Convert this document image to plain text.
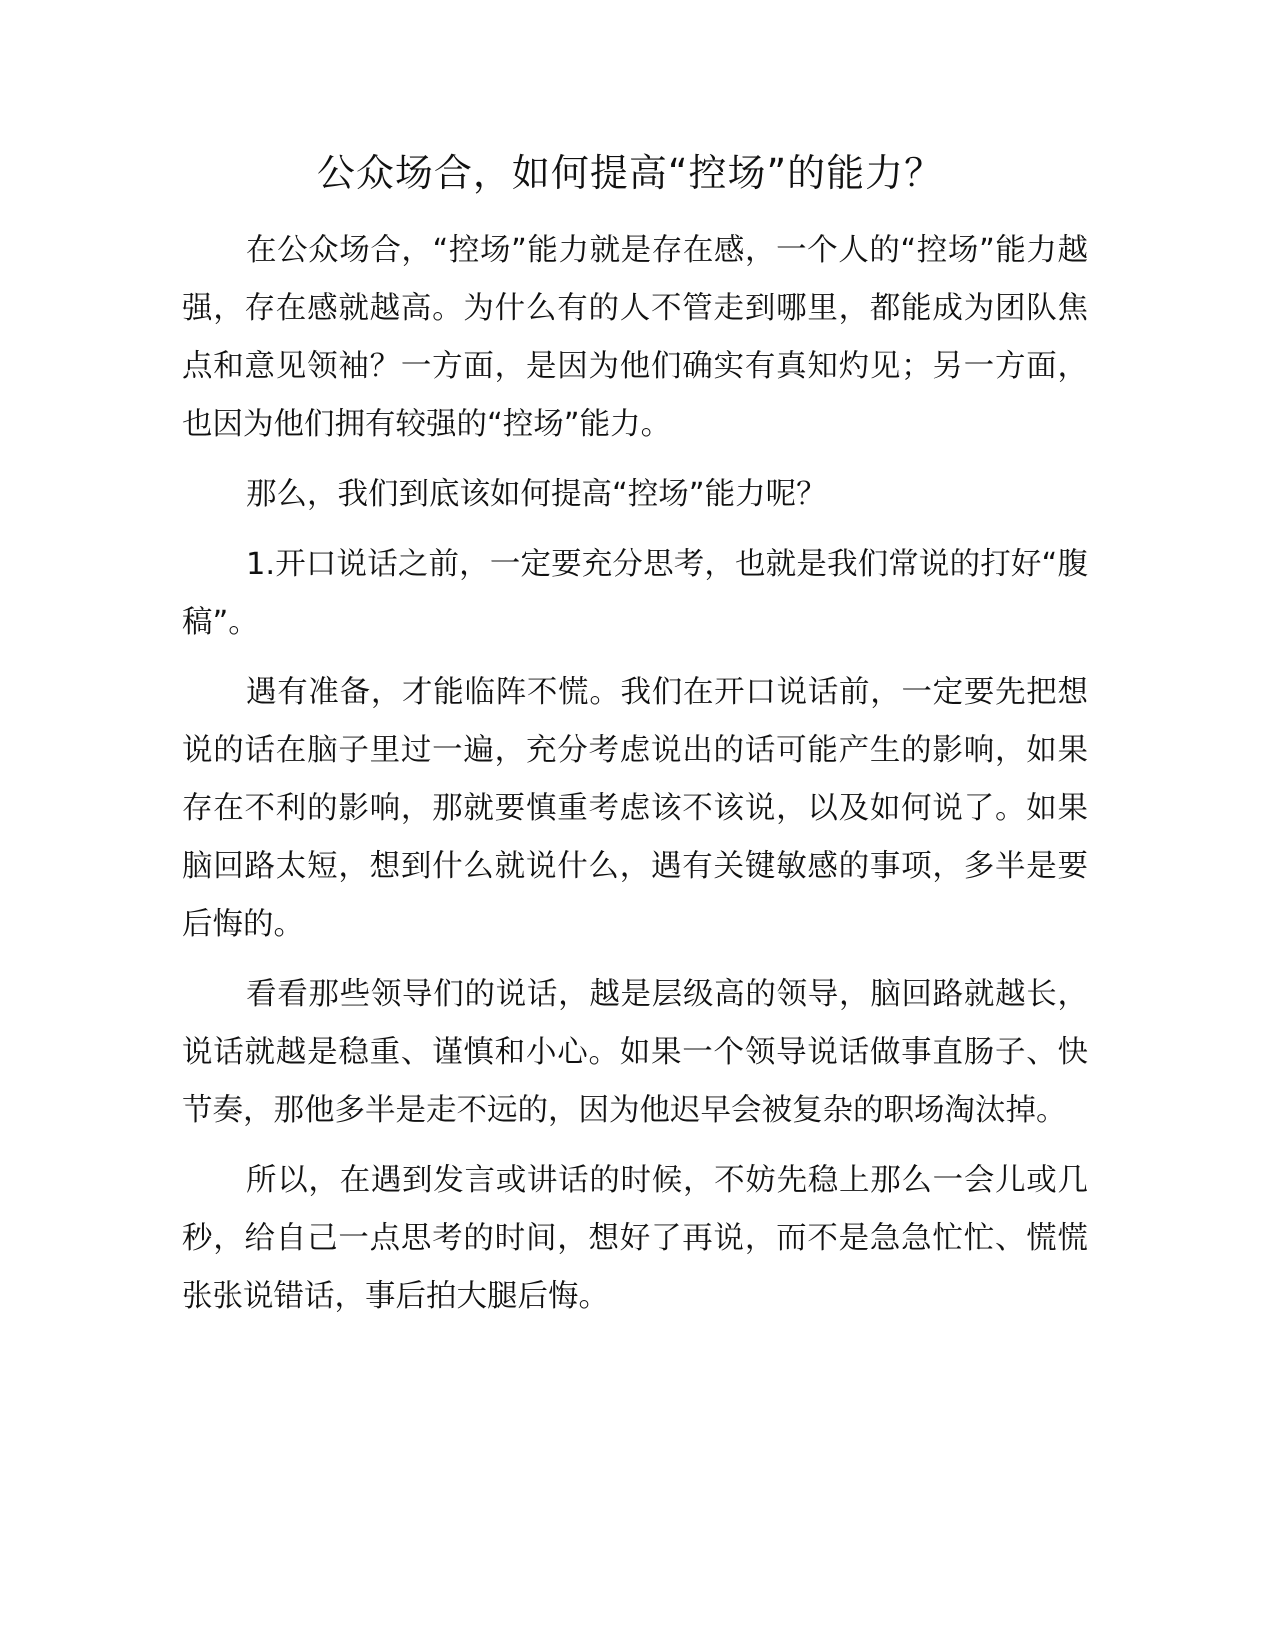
公众场合，如何提高“控场”的能力？

在公众场合，“控场”能力就是存在感，一个人的“控场”能力越强，存在感就越高。为什么有的人不管走到哪里，都能成为团队焦点和意见领袖？一方面，是因为他们确实有真知灼见；另一方面，也因为他们拥有较强的“控场”能力。

那么，我们到底该如何提高“控场”能力呢？

1.开口说话之前，一定要充分思考，也就是我们常说的打好“腹稿”。

遇有准备，才能临阵不慌。我们在开口说话前，一定要先把想说的话在脑子里过一遍，充分考虑说出的话可能产生的影响，如果存在不利的影响，那就要慎重考虑该不该说，以及如何说了。如果脑回路太短，想到什么就说什么，遇有关键敏感的事项，多半是要后悔的。

看看那些领导们的说话，越是层级高的领导，脑回路就越长，说话就越是稳重、谨慎和小心。如果一个领导说话做事直肠子、快节奏，那他多半是走不远的，因为他迟早会被复杂的职场淘汰掉。

所以，在遇到发言或讲话的时候，不妨先稳上那么一会儿或几秒，给自己一点思考的时间，想好了再说，而不是急急忙忙、慌慌张张说错话，事后拍大腿后悔。
